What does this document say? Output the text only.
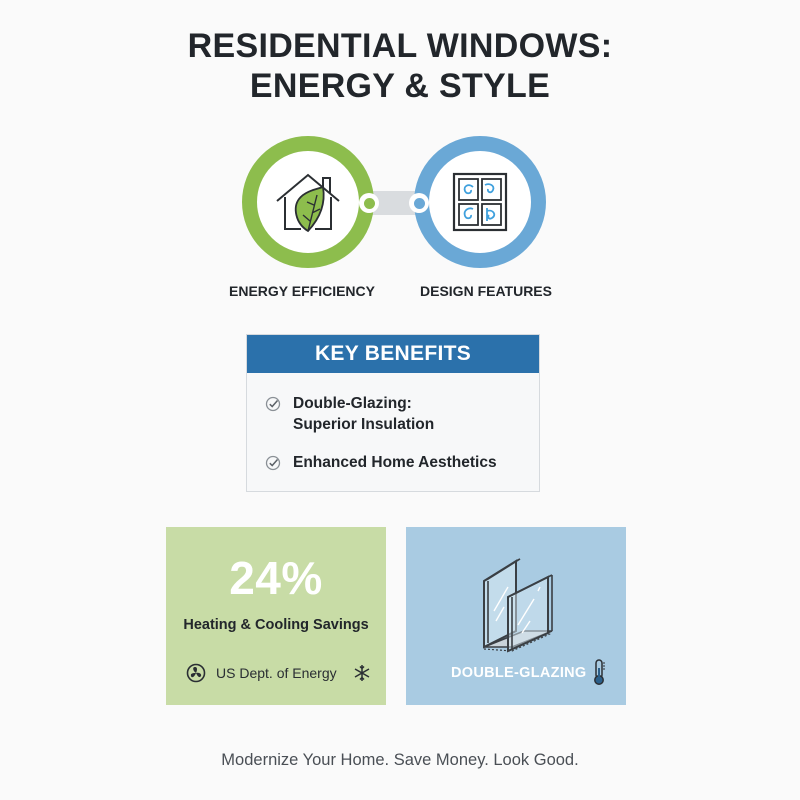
RESIDENTIAL WINDOWS:
ENERGY & STYLE
ENERGY EFFICIENCY	DESIGN FEATURES
KEY BENEFITS
Double-Glazing:
Superior Insulation
Enhanced Home Aesthetics
24%
Heating & Cooling Savings
US Dept. of Energy	DOUBLE-GLAZING
Modernize Your Home. Save Money. Look Good.
